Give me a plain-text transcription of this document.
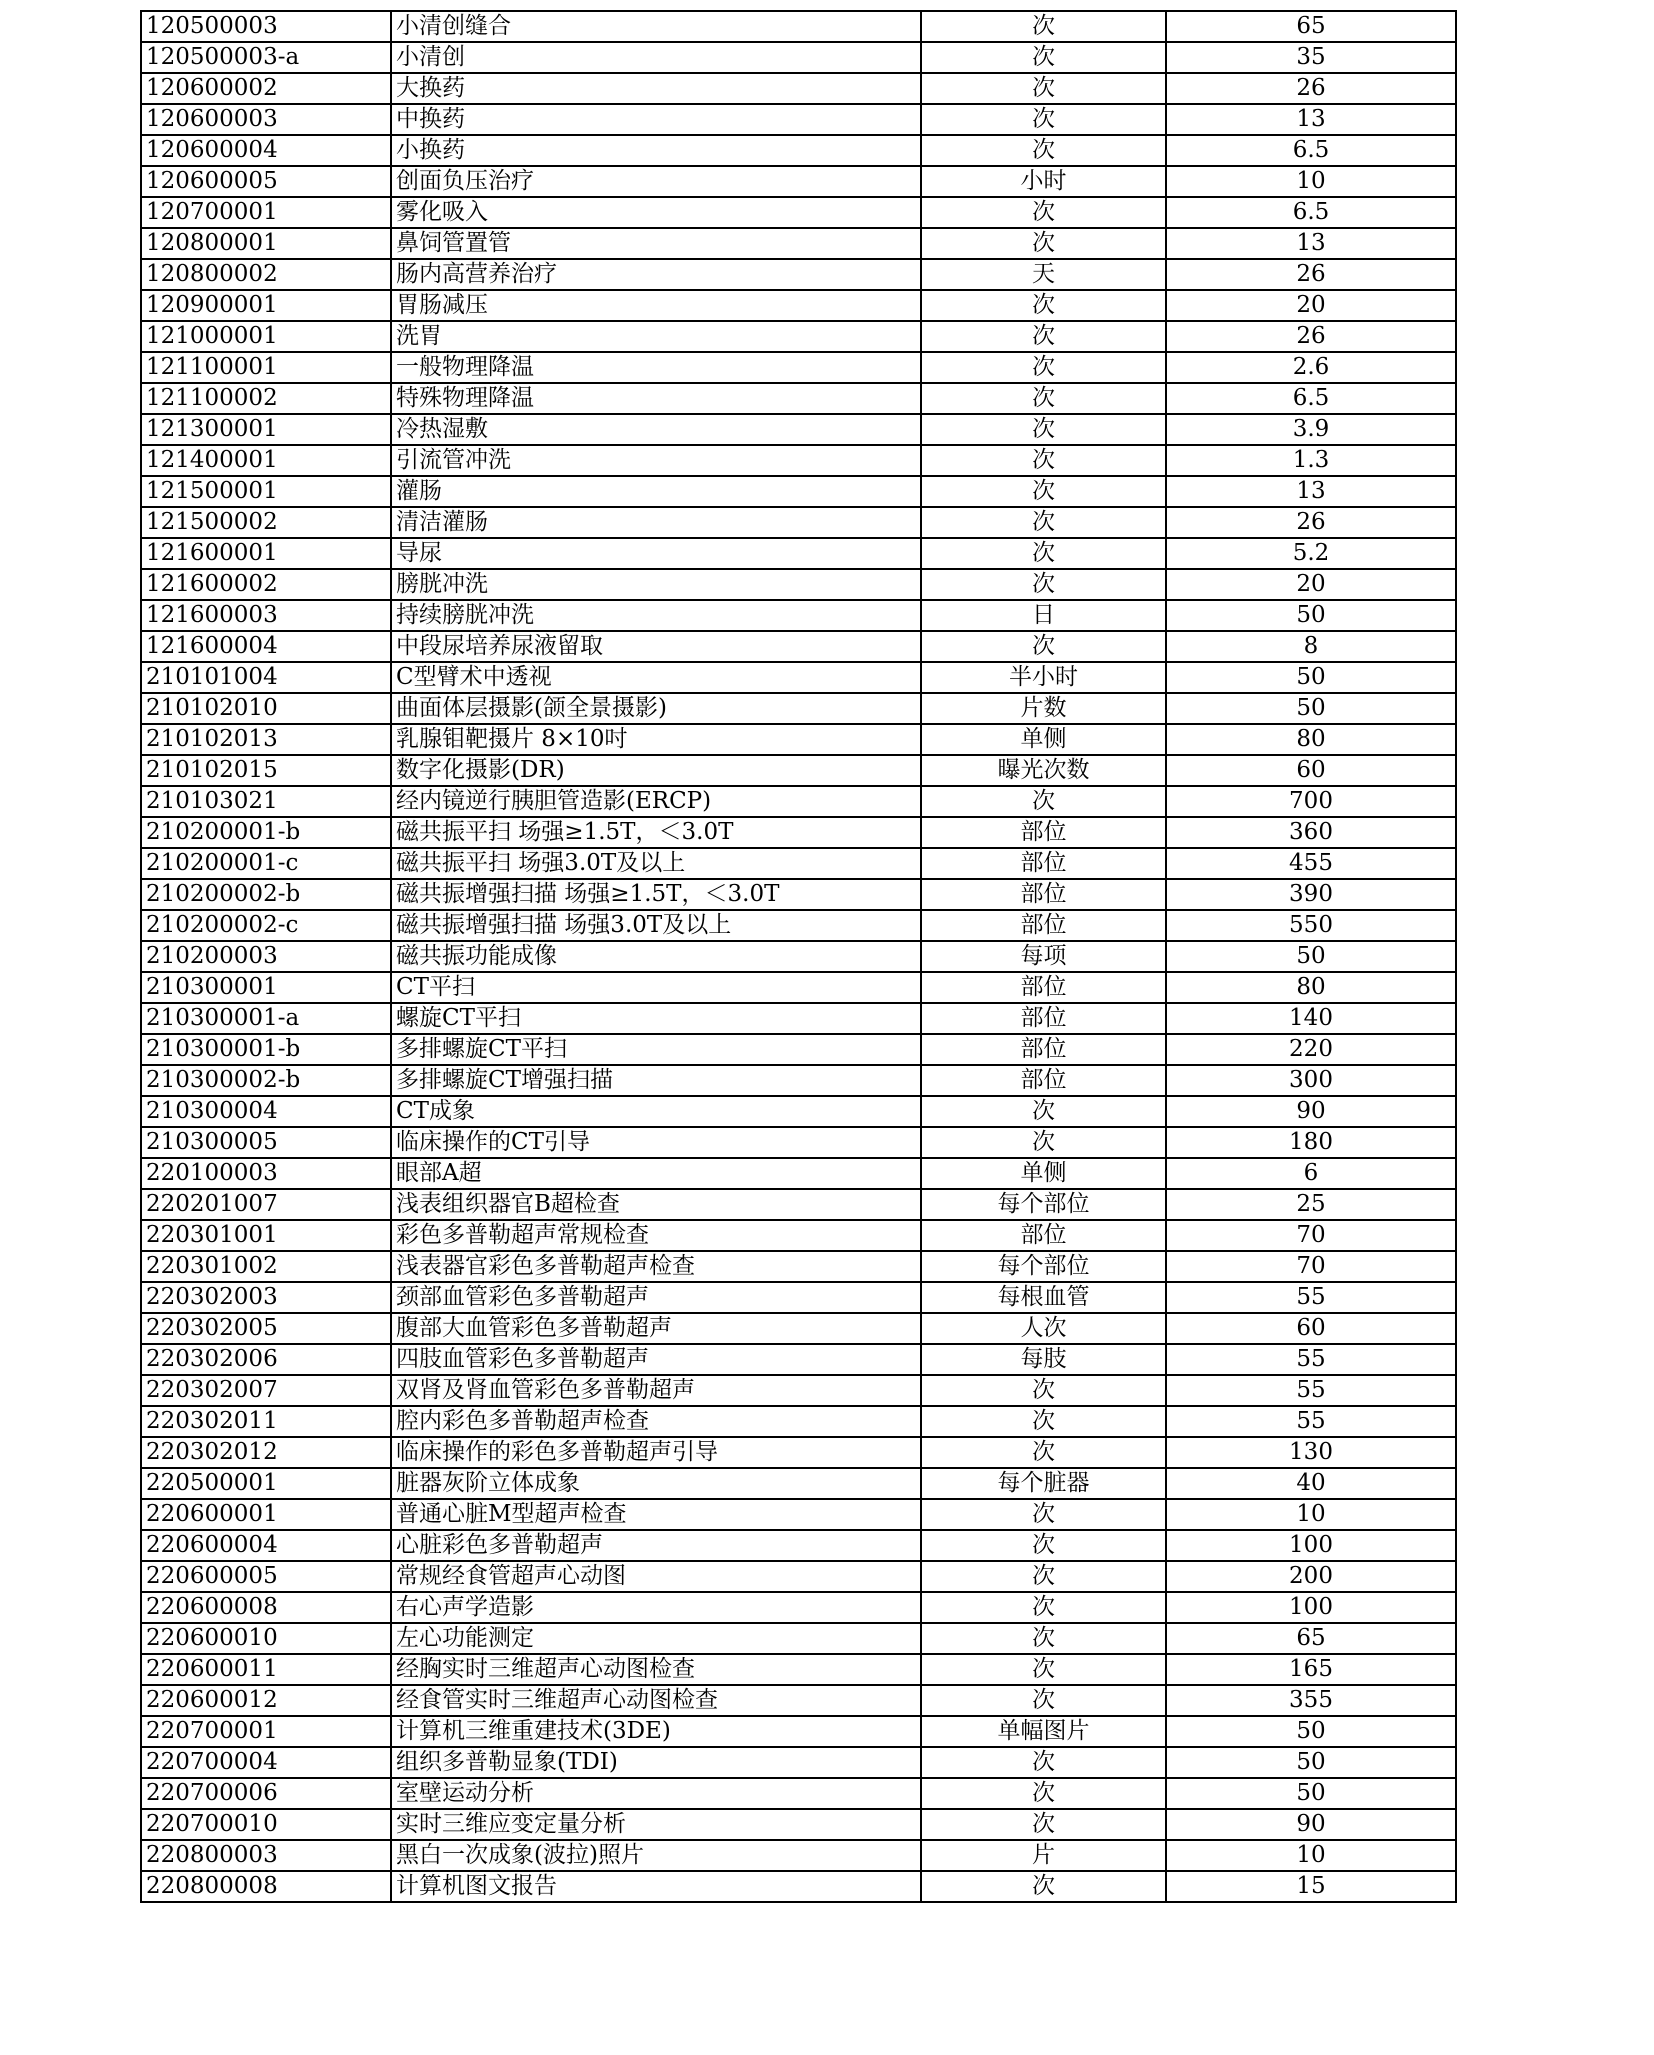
120500003	小清创缝合	次	65
120500003-a	小清创	次	35
120600002	大换药	次	26
120600003	中换药	次	13
120600004	小换药	次	6.5
120600005	创面负压治疗	小时	10
120700001	雾化吸入	次	6.5
120800001	鼻饲管置管	次	13
120800002	肠内高营养治疗	天	26
120900001	胃肠减压	次	20
121000001	洗胃	次	26
121100001	一般物理降温	次	2.6
121100002	特殊物理降温	次	6.5
121300001	冷热湿敷	次	3.9
121400001	引流管冲洗	次	1.3
121500001	灌肠	次	13
121500002	清洁灌肠	次	26
121600001	导尿	次	5.2
121600002	膀胱冲洗	次	20
121600003	持续膀胱冲洗	日	50
121600004	中段尿培养尿液留取	次	8
210101004	C型臂术中透视	半小时	50
210102010	曲面体层摄影(颌全景摄影)	片数	50
210102013	乳腺钼靶摄片 8×10吋	单侧	80
210102015	数字化摄影(DR)	曝光次数	60
210103021	经内镜逆行胰胆管造影(ERCP)	次	700
210200001-b	磁共振平扫 场强≥1.5T，＜3.0T	部位	360
210200001-c	磁共振平扫 场强3.0T及以上	部位	455
210200002-b	磁共振增强扫描 场强≥1.5T，＜3.0T	部位	390
210200002-c	磁共振增强扫描 场强3.0T及以上	部位	550
210200003	磁共振功能成像	每项	50
210300001	CT平扫	部位	80
210300001-a	螺旋CT平扫	部位	140
210300001-b	多排螺旋CT平扫	部位	220
210300002-b	多排螺旋CT增强扫描	部位	300
210300004	CT成象	次	90
210300005	临床操作的CT引导	次	180
220100003	眼部A超	单侧	6
220201007	浅表组织器官B超检查	每个部位	25
220301001	彩色多普勒超声常规检查	部位	70
220301002	浅表器官彩色多普勒超声检查	每个部位	70
220302003	颈部血管彩色多普勒超声	每根血管	55
220302005	腹部大血管彩色多普勒超声	人次	60
220302006	四肢血管彩色多普勒超声	每肢	55
220302007	双肾及肾血管彩色多普勒超声	次	55
220302011	腔内彩色多普勒超声检查	次	55
220302012	临床操作的彩色多普勒超声引导	次	130
220500001	脏器灰阶立体成象	每个脏器	40
220600001	普通心脏M型超声检查	次	10
220600004	心脏彩色多普勒超声	次	100
220600005	常规经食管超声心动图	次	200
220600008	右心声学造影	次	100
220600010	左心功能测定	次	65
220600011	经胸实时三维超声心动图检查	次	165
220600012	经食管实时三维超声心动图检查	次	355
220700001	计算机三维重建技术(3DE)	单幅图片	50
220700004	组织多普勒显象(TDI)	次	50
220700006	室壁运动分析	次	50
220700010	实时三维应变定量分析	次	90
220800003	黑白一次成象(波拉)照片	片	10
220800008	计算机图文报告	次	15
